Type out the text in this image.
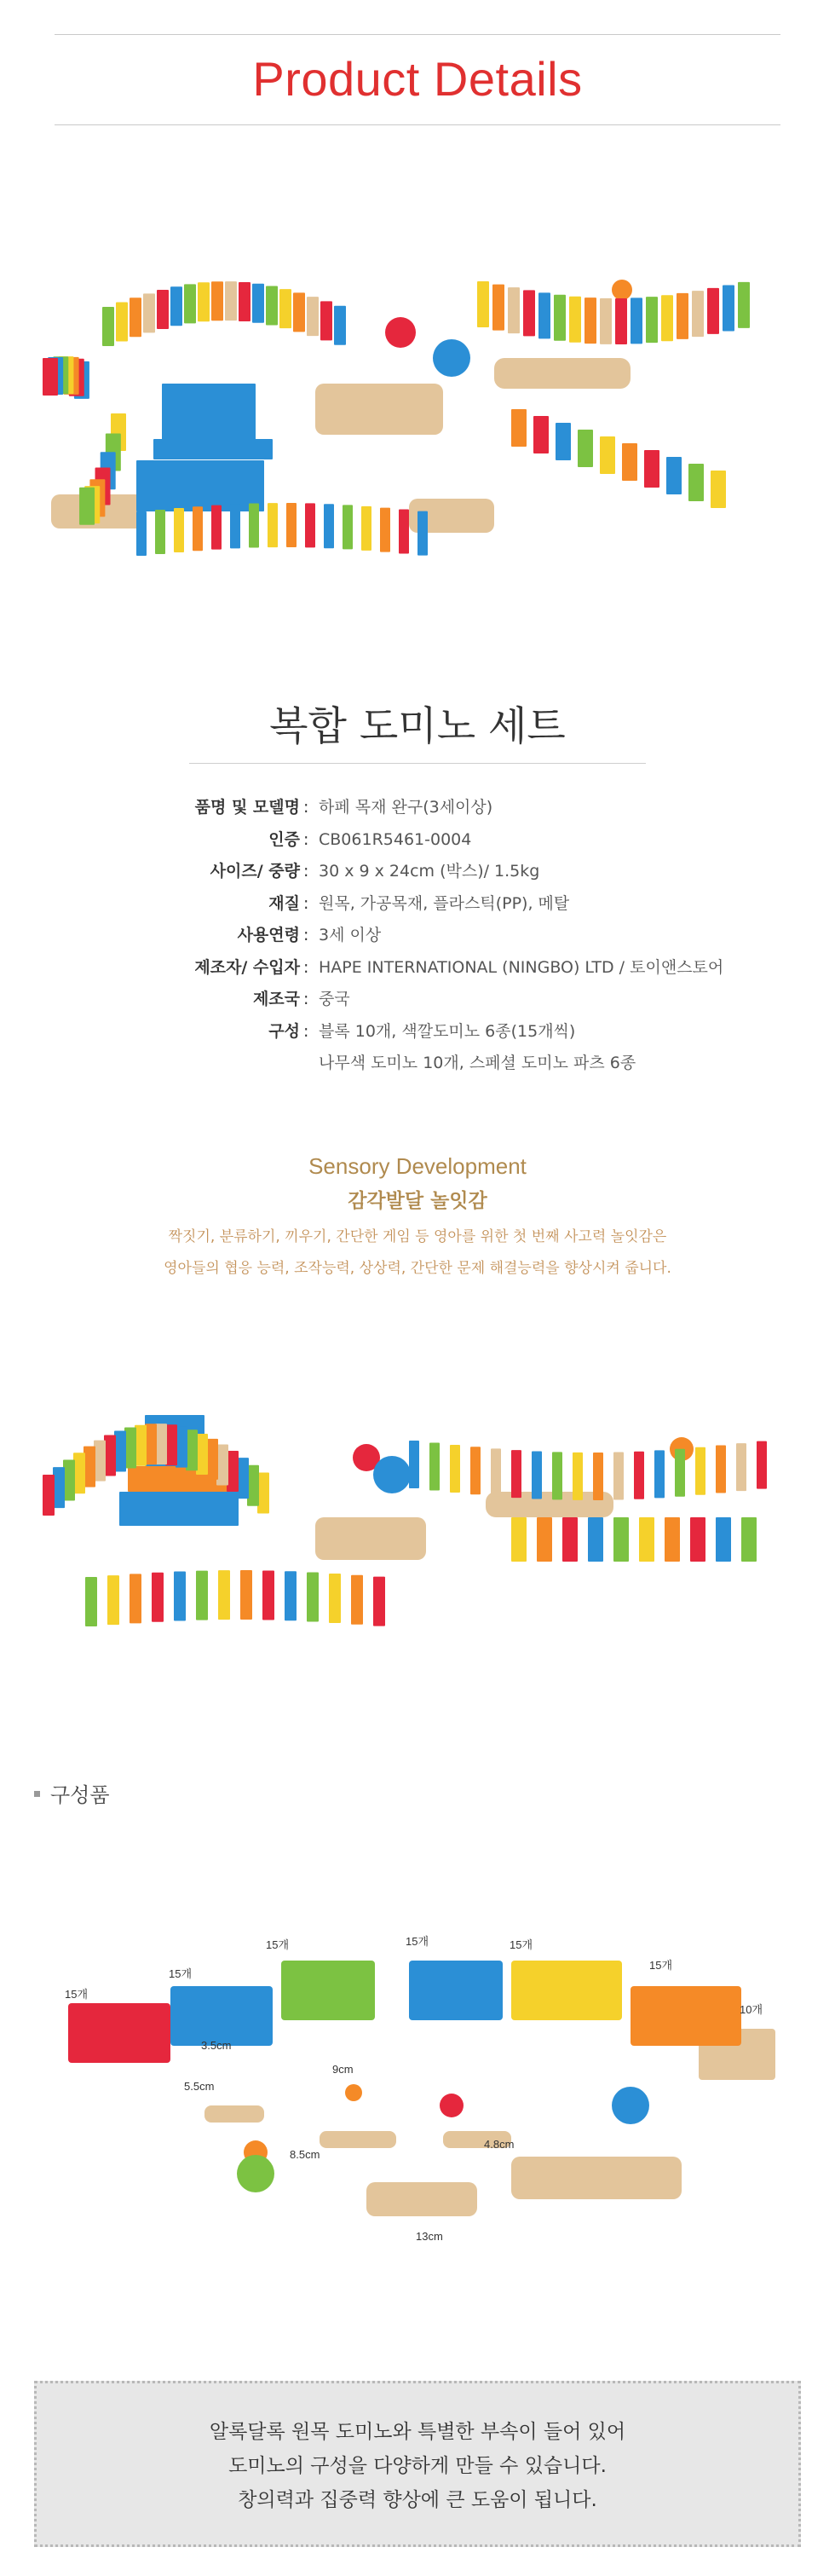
Product Details
복합 도미노 세트
품명 및 모델명 : 하페 목재 완구(3세이상)
인증 : CB061R5461-0004
사이즈/ 중량 : 30 x 9 x 24cm (박스)/ 1.5kg
재질 : 원목, 가공목재, 플라스틱(PP), 메탈
사용연령 : 3세 이상
제조자/ 수입자 : HAPE INTERNATIONAL (NINGBO) LTD / 토이앤스토어
제조국 : 중국
구성 : 블록 10개, 색깔도미노 6종(15개씩)
나무색 도미노 10개, 스페셜 도미노 파츠 6종
Sensory Development
감각발달 놀잇감
짝짓기, 분류하기, 끼우기, 간단한 게임 등 영아를 위한 첫 번째 사고력 놀잇감은
영아들의 협응 능력, 조작능력, 상상력, 간단한 문제 해결능력을 향상시켜 줍니다.
구성품
15개
15개
15개	15개	15개
15개
10개
3.5cm
5.5cm
9cm
8.5cm
4.8cm
13cm
알록달록 원목 도미노와 특별한 부속이 들어 있어
도미노의 구성을 다양하게 만들 수 있습니다.
창의력과 집중력 향상에 큰 도움이 됩니다.
